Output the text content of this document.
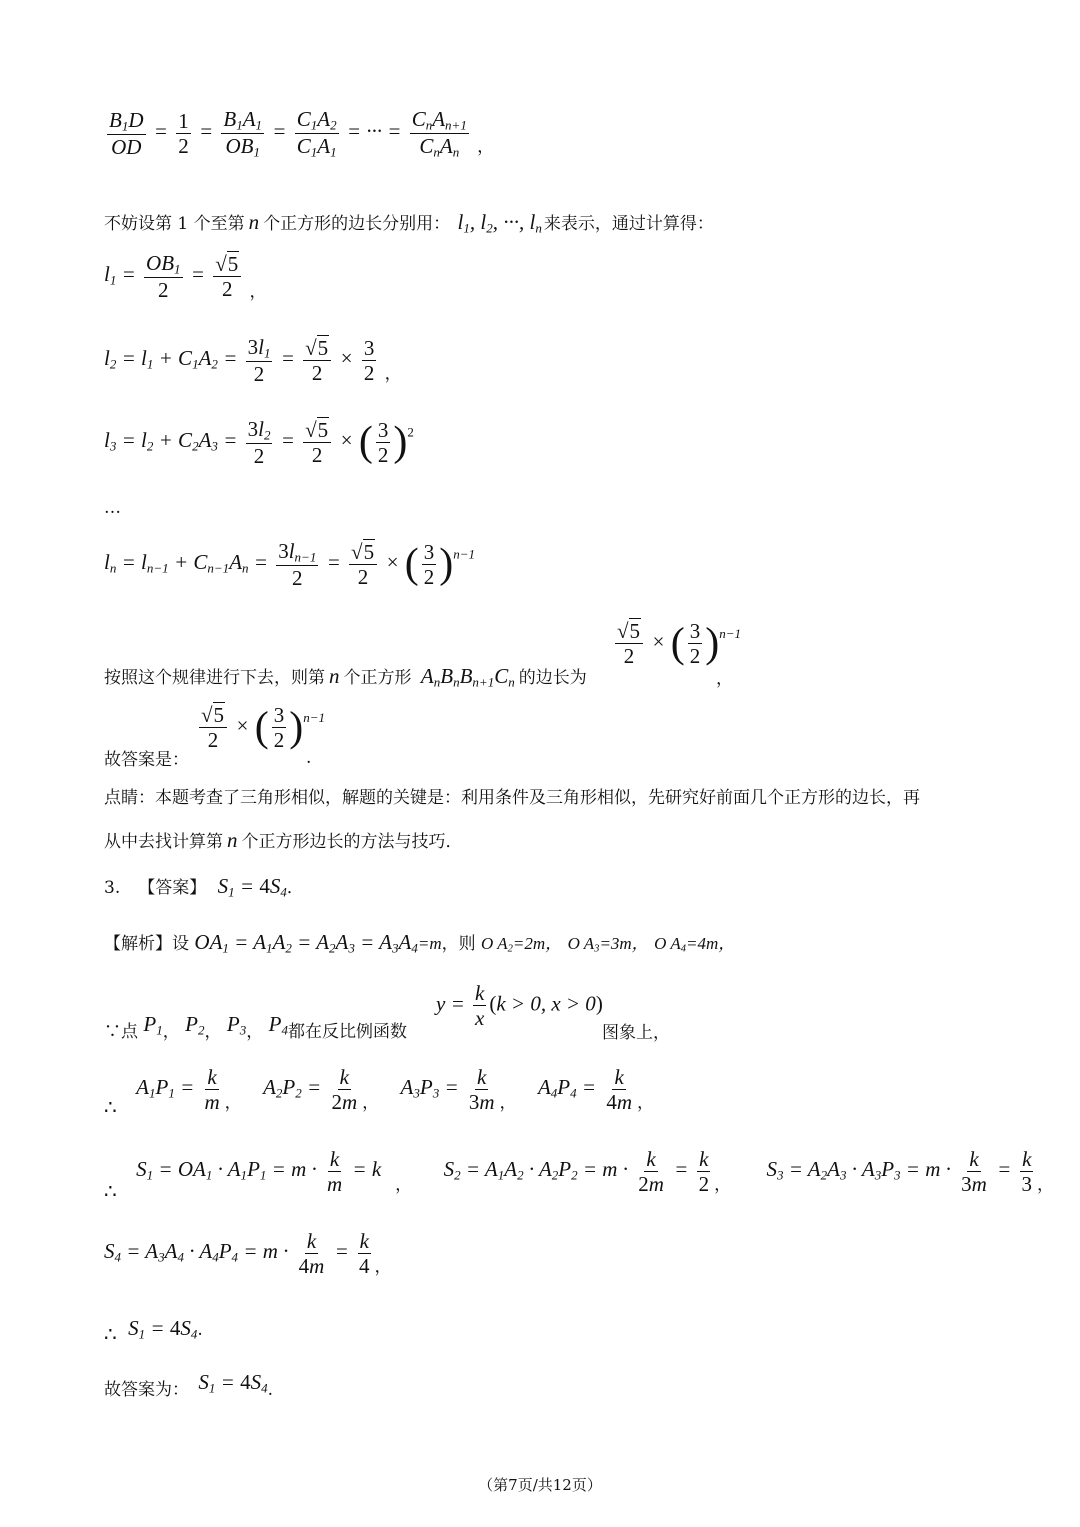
$\frac{B_1D}{OD} = \frac{1}{2} = \frac{B_1A_1}{OB_1} = \frac{C_1A_2}{C_1A_1}$ = ··· = $\frac{C_nA_{n+1}}{C_nA_n}$ ，
不妨设第 1 个至第 n 个正方形的边长分别用： $l_1$, $l_2$, ···, $l_n$ 来表示，通过计算得：
$l_1 = \frac{OB_1}{2} = \frac{√5}{2}$ ，
$l_2 = l_1 + C_1A_2 = \frac{3l_1}{2} = \frac{√5}{2} \times \frac{3}{2}$ ，
$l_3 = l_2 + C_2A_3 = \frac{3l_2}{2} = \frac{√5}{2}$ × ( $\frac{3}{2} )^2$
…
$l_n = l_{n-1} + C_{n-1}A_n = \frac{3l_{n-1}}{2} = \frac{√5}{2}$ × ( $\frac{3}{2} )^{n-1}$
按照这个规律进行下去，则第 n 个正方形 $A_nB_nB_{n+1}C_n$ 的边长为
$\frac{√5}{2}$ × ( $\frac{3}{2} )^{n-1}$
，
故答案是：
$\frac{√5}{2}$ × ( $\frac{3}{2} )^{n-1}$
.
点睛：本题考查了三角形相似，解题的关键是：利用条件及三角形相似，先研究好前面几个正方形的边长，再
从中去找计算第 n 个正方形边长的方法与技巧．
3. 【答案】 $S_1 = 4S_4$．
【解析】设 $OA_1 = A_1A_2 = A_2A_3 = A_3A_4=m$，则 O $A_2=2m$， O $A_3=3m$， O $A_4=4m$，
∵点 $P_1$， $P_2$， $P_3$， $P_4$都在反比例函数
$y = \frac{k}{x} (k > 0$, x > 0)
图象上，
∴ $A_1P_1 = \frac{k}{m}$ ， $A_2P_2 = \frac{k}{2m}$ ， $A_3P_3 = \frac{k}{3m}$ ， $A_4P_4 = \frac{k}{4m}$ ，
∴ $S_1 = OA_1 \cdot A_1P_1 = m \cdot \frac{k}{m} = k$， $S_2 = A_1A_2 \cdot A_2P_2 = m \cdot \frac{k}{2m} = \frac{k}{2}$ ， $S_3 = A_2A_3 \cdot A_3P_3 = m \cdot \frac{k}{3m} = \frac{k}{3}$ ，
$S_4 = A_3A_4 \cdot A_4P_4 = m \cdot \frac{k}{4m} = \frac{k}{4}$ ，
∴ $S_1 = 4S_4$.
故答案为： $S_1 = 4S_4$.
（第7页/共12页）
